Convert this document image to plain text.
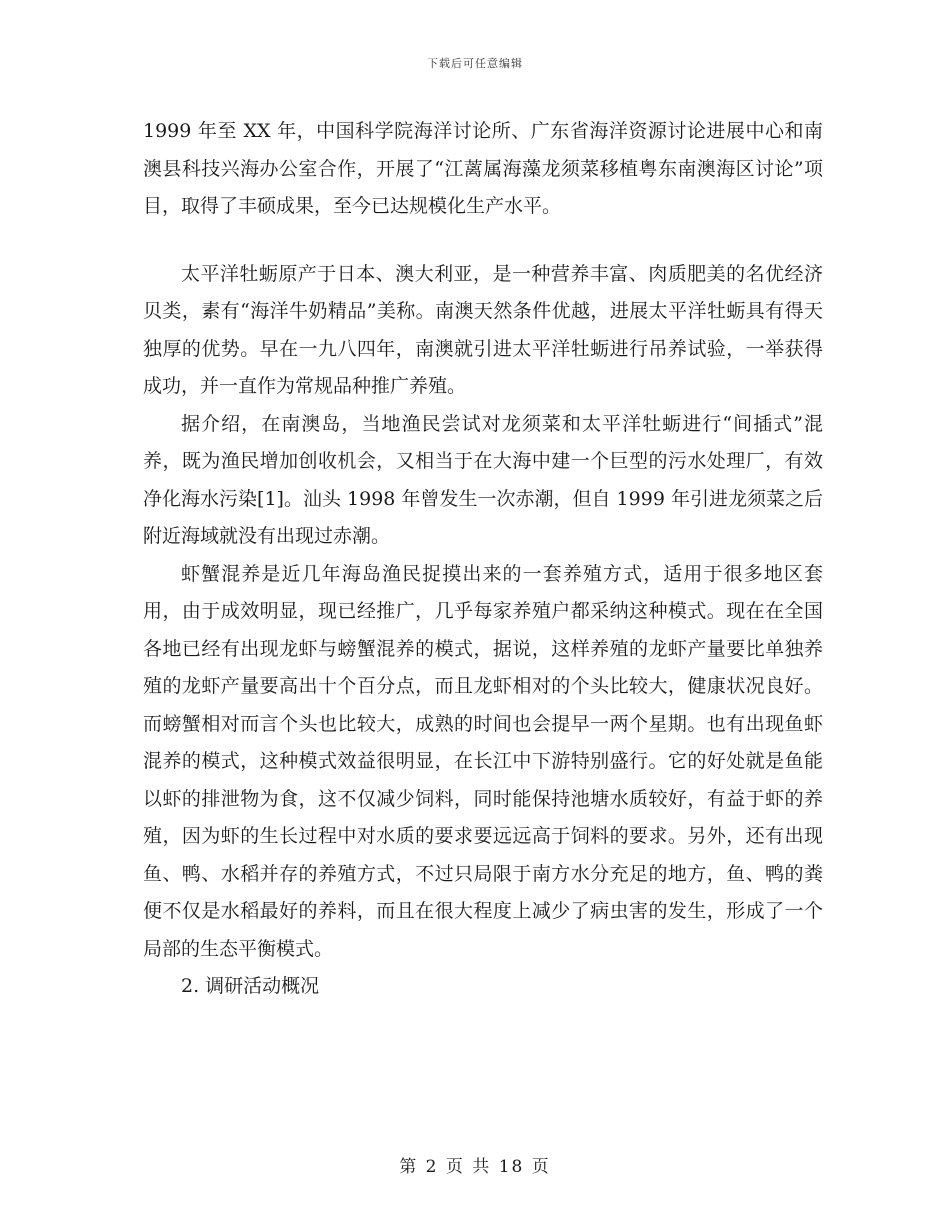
下载后可任意编辑

1999 年至 XX 年，中国科学院海洋讨论所、广东省海洋资源讨论进展中心和南澳县科技兴海办公室合作，开展了“江蓠属海藻龙须菜移植粤东南澳海区讨论”项目，取得了丰硕成果，至今已达规模化生产水平。

太平洋牡蛎原产于日本、澳大利亚，是一种营养丰富、肉质肥美的名优经济贝类，素有“海洋牛奶精品”美称。南澳天然条件优越，进展太平洋牡蛎具有得天独厚的优势。早在一九八四年，南澳就引进太平洋牡蛎进行吊养试验，一举获得成功，并一直作为常规品种推广养殖。

据介绍，在南澳岛，当地渔民尝试对龙须菜和太平洋牡蛎进行“间插式”混养，既为渔民增加创收机会，又相当于在大海中建一个巨型的污水处理厂，有效净化海水污染[1]。汕头 1998 年曾发生一次赤潮，但自 1999 年引进龙须菜之后附近海域就没有出现过赤潮。

虾蟹混养是近几年海岛渔民捉摸出来的一套养殖方式，适用于很多地区套用，由于成效明显，现已经推广，几乎每家养殖户都采纳这种模式。现在在全国各地已经有出现龙虾与螃蟹混养的模式，据说，这样养殖的龙虾产量要比单独养殖的龙虾产量要高出十个百分点，而且龙虾相对的个头比较大，健康状况良好。而螃蟹相对而言个头也比较大，成熟的时间也会提早一两个星期。也有出现鱼虾混养的模式，这种模式效益很明显，在长江中下游特别盛行。它的好处就是鱼能以虾的排泄物为食，这不仅减少饲料，同时能保持池塘水质较好，有益于虾的养殖，因为虾的生长过程中对水质的要求要远远高于饲料的要求。另外，还有出现鱼、鸭、水稻并存的养殖方式，不过只局限于南方水分充足的地方，鱼、鸭的粪便不仅是水稻最好的养料，而且在很大程度上减少了病虫害的发生，形成了一个局部的生态平衡模式。

2. 调研活动概况

第 2 页 共 18 页
